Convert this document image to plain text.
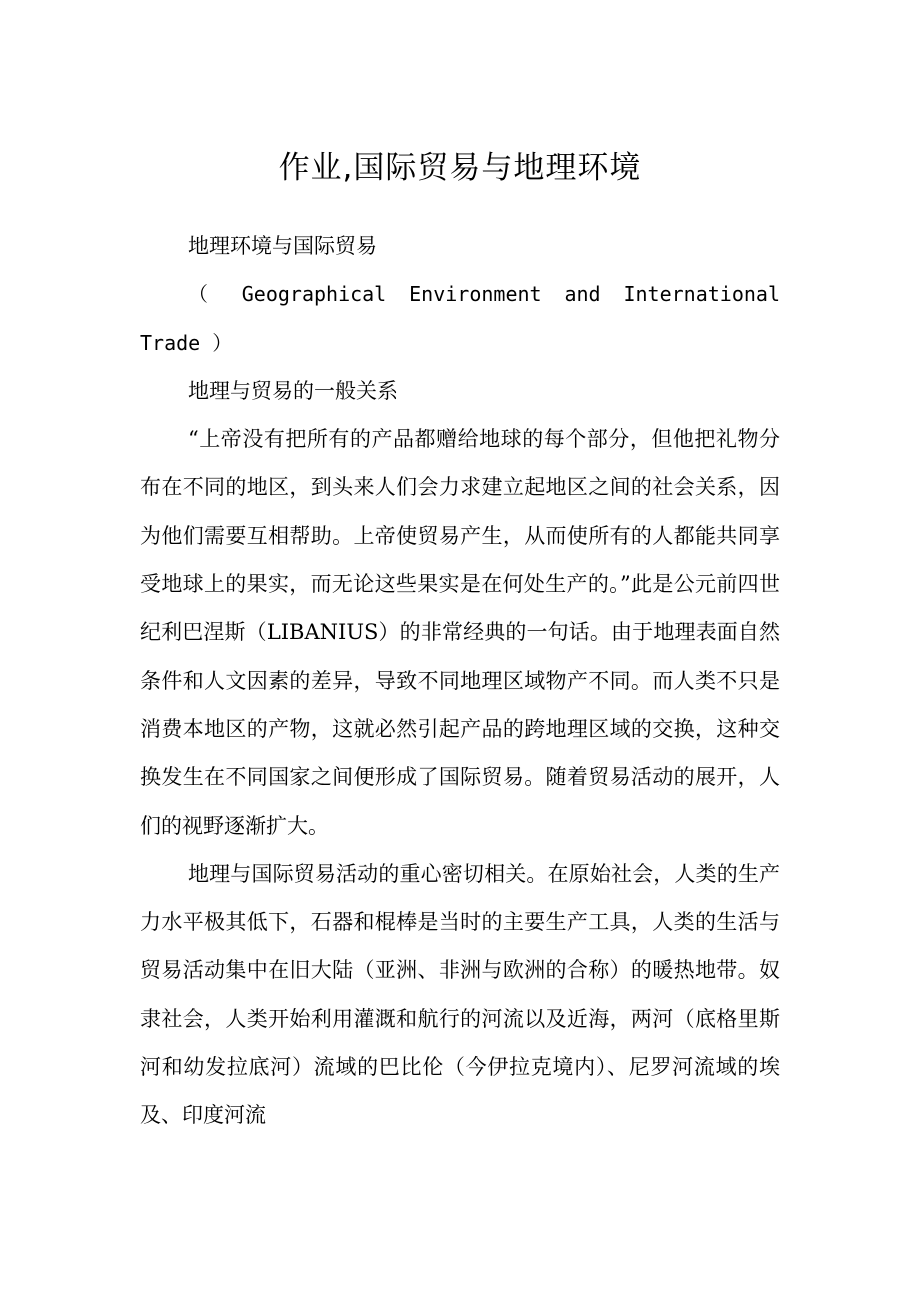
作业,国际贸易与地理环境

地理环境与国际贸易

（ Geographical Environment and International Trade ）

地理与贸易的一般关系

“上帝没有把所有的产品都赠给地球的每个部分，但他把礼物分布在不同的地区，到头来人们会力求建立起地区之间的社会关系，因为他们需要互相帮助。上帝使贸易产生，从而使所有的人都能共同享受地球上的果实，而无论这些果实是在何处生产的。”此是公元前四世纪利巴涅斯（LIBANIUS）的非常经典的一句话。由于地理表面自然条件和人文因素的差异，导致不同地理区域物产不同。而人类不只是消费本地区的产物，这就必然引起产品的跨地理区域的交换，这种交换发生在不同国家之间便形成了国际贸易。随着贸易活动的展开，人们的视野逐渐扩大。

地理与国际贸易活动的重心密切相关。在原始社会，人类的生产力水平极其低下，石器和棍棒是当时的主要生产工具，人类的生活与贸易活动集中在旧大陆（亚洲、非洲与欧洲的合称）的暖热地带。奴隶社会，人类开始利用灌溉和航行的河流以及近海，两河（底格里斯河和幼发拉底河）流域的巴比伦（今伊拉克境内）、尼罗河流域的埃及、印度河流
